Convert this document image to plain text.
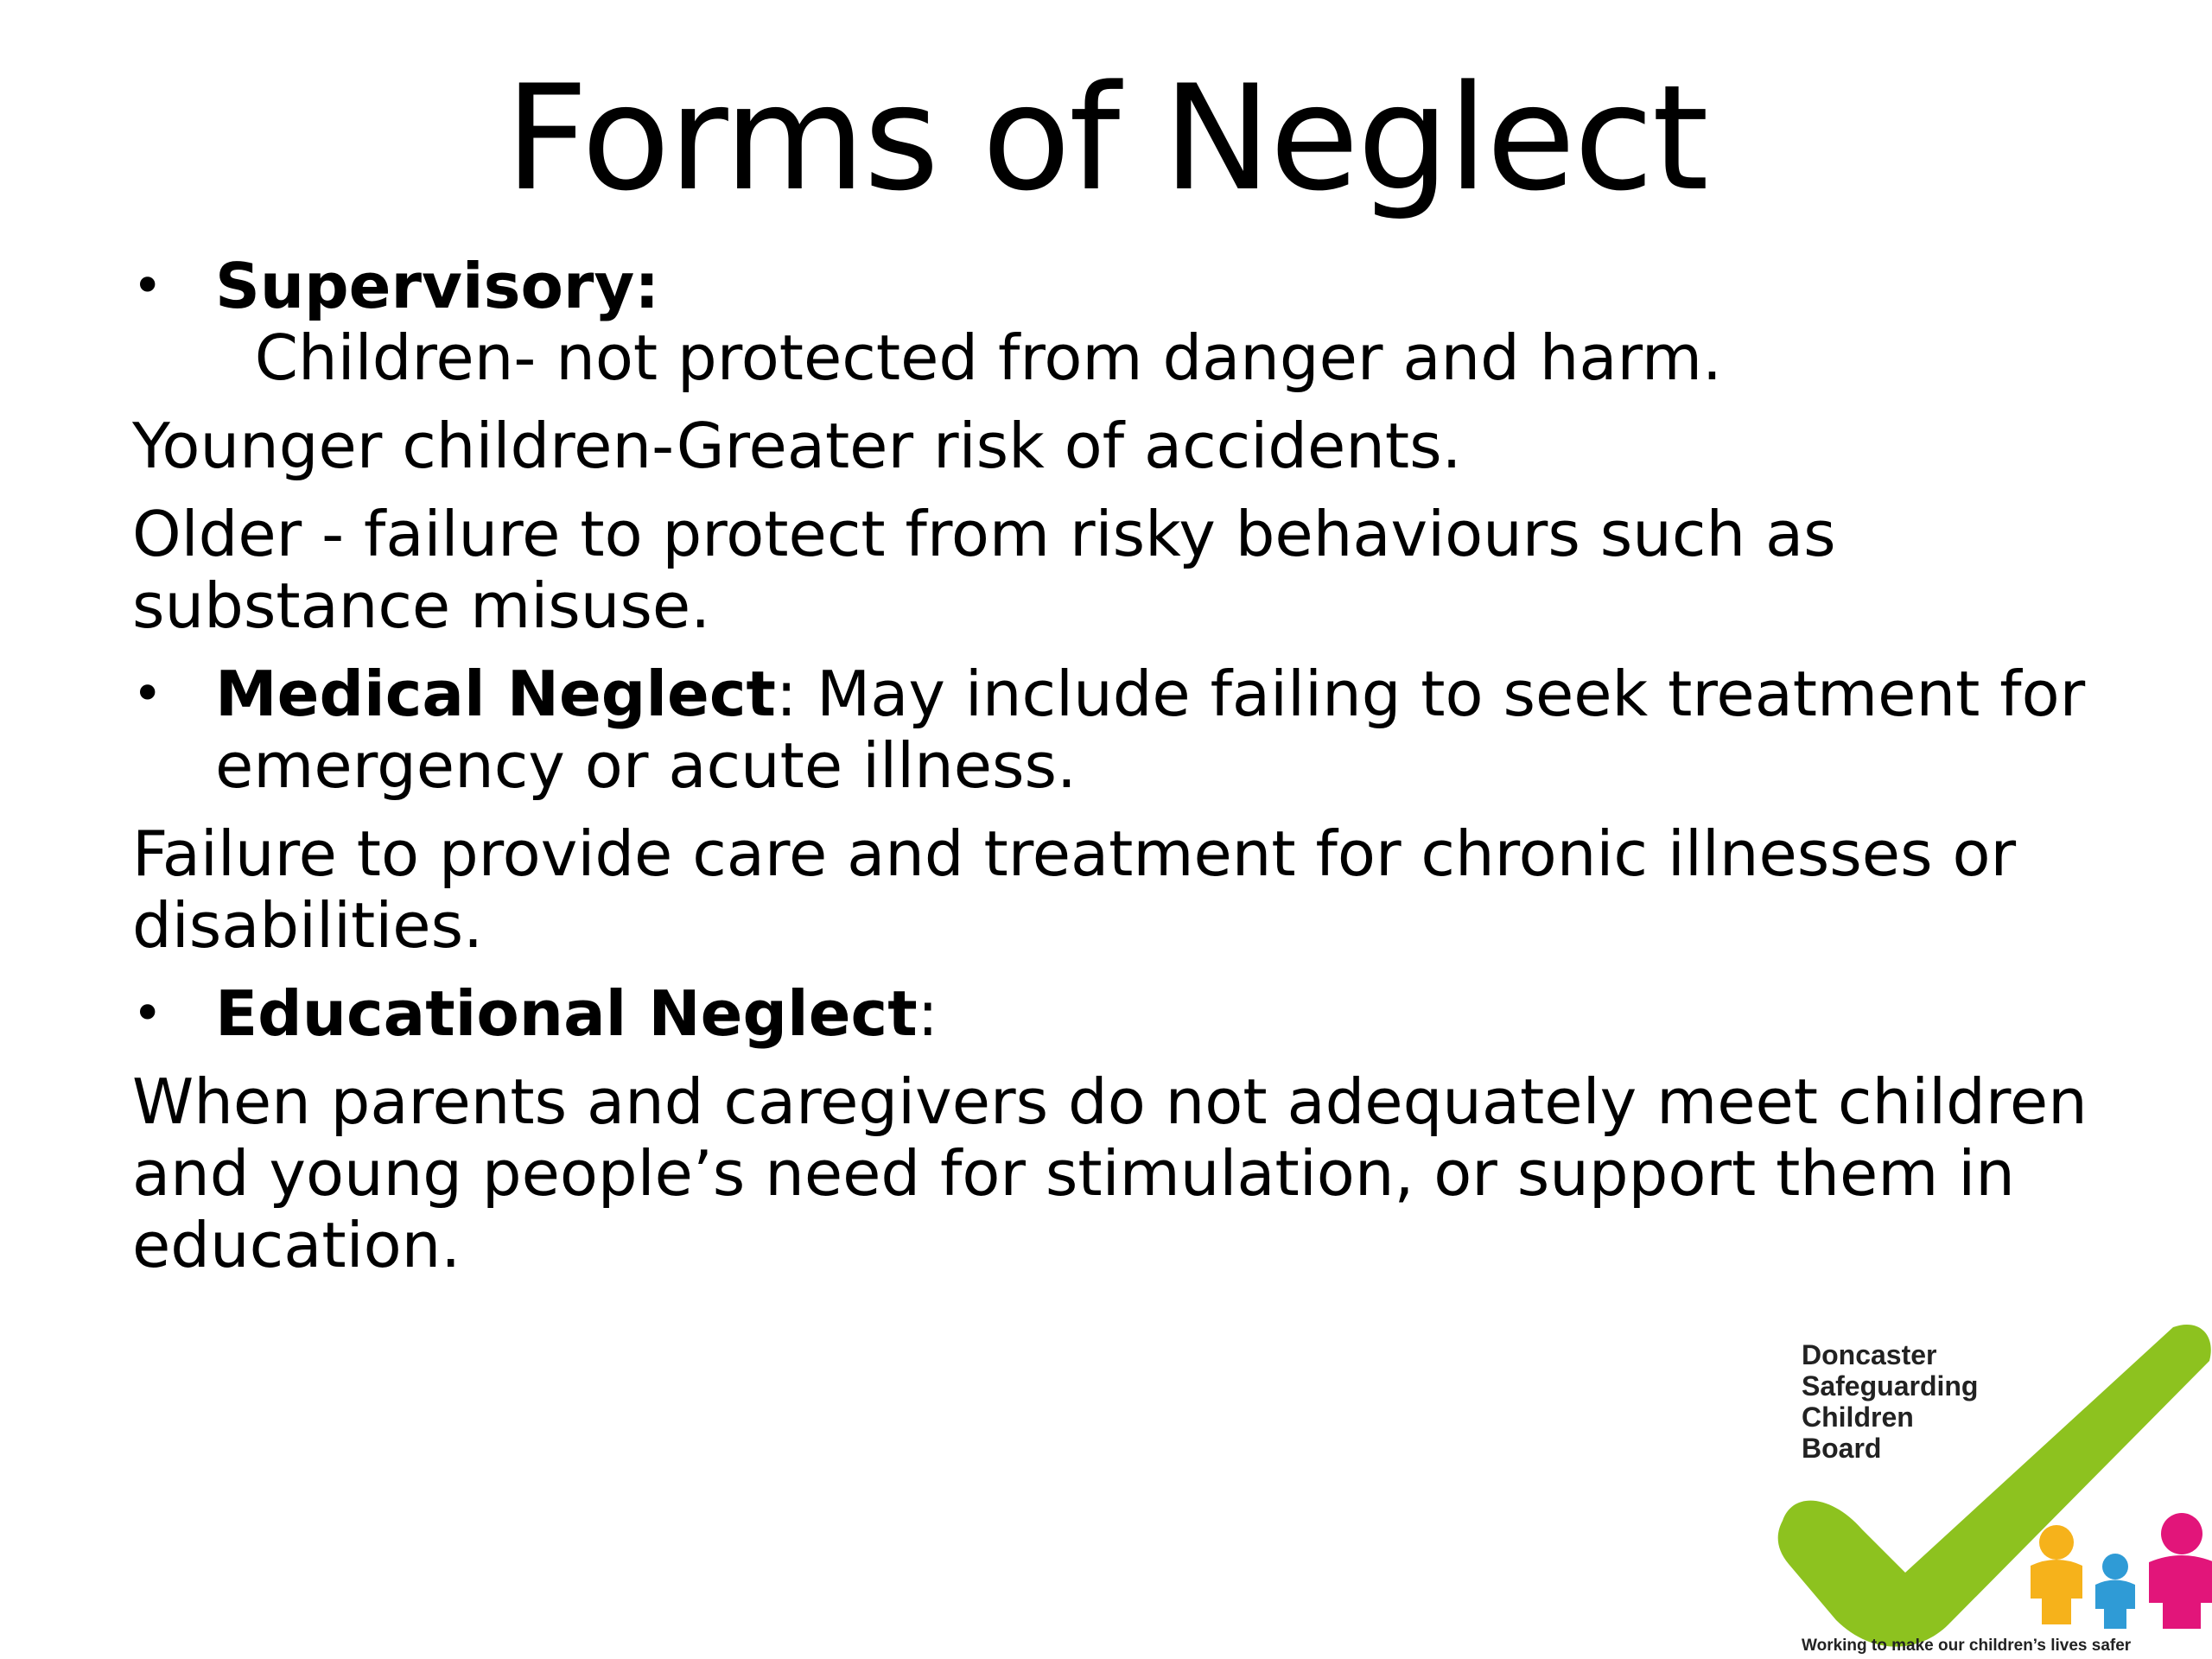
Forms of Neglect

• Supervisory:  Children- not protected from danger and harm.

Younger children-Greater risk of accidents.

Older - failure to protect from risky behaviours such as substance misuse.

• Medical Neglect: May include failing to seek treatment for emergency or acute illness.

Failure to provide care and treatment for chronic illnesses or disabilities.

• Educational Neglect:

When parents and caregivers do not adequately meet children and young people’s need for stimulation, or support them in education.

Doncaster
Safeguarding
Children
Board
Working to make our children’s lives safer
